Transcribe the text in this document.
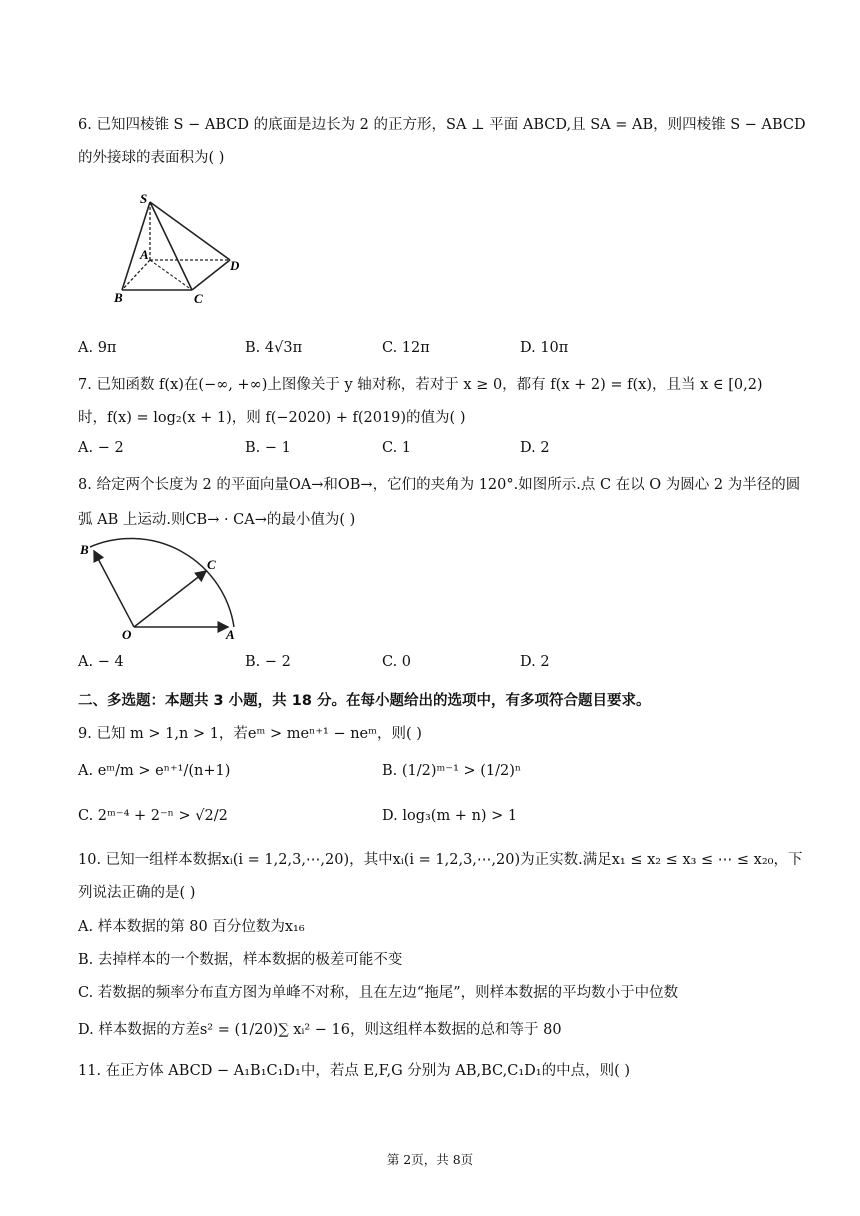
6. 已知四棱锥 S − ABCD 的底面是边长为 2 的正方形，SA ⊥ 平面 ABCD,且 SA = AB，则四棱锥 S − ABCD
的外接球的表面积为( )
S
A
B	C
D
A. 9π	B. 4√3π	C. 12π	D. 10π
7. 已知函数 f(x)在(−∞, +∞)上图像关于 y 轴对称，若对于 x ≥ 0，都有 f(x + 2) = f(x)，且当 x ∈ [0,2)
时，f(x) = log₂(x + 1)，则 f(−2020) + f(2019)的值为( )
A. − 2	B. − 1	C. 1	D. 2
8. 给定两个长度为 2 的平面向量OA→和OB→，它们的夹角为 120°.如图所示.点 C 在以 O 为圆心 2 为半径的圆
弧 AB 上运动.则CB→ · CA→的最小值为( )
B
C
O	A
A. − 4	B. − 2	C. 0	D. 2
二、多选题：本题共 3 小题，共 18 分。在每小题给出的选项中，有多项符合题目要求。
9. 已知 m > 1,n > 1，若eᵐ > meⁿ⁺¹ − neᵐ，则( )
A. eᵐ/m > eⁿ⁺¹/(n+1)	B. (1/2)ᵐ⁻¹ > (1/2)ⁿ
C. 2ᵐ⁻⁴ + 2⁻ⁿ > √2/2	D. log₃(m + n) > 1
10. 已知一组样本数据xᵢ(i = 1,2,3,⋯,20)，其中xᵢ(i = 1,2,3,⋯,20)为正实数.满足x₁ ≤ x₂ ≤ x₃ ≤ ⋯ ≤ x₂₀，下
列说法正确的是( )
A. 样本数据的第 80 百分位数为x₁₆
B. 去掉样本的一个数据，样本数据的极差可能不变
C. 若数据的频率分布直方图为单峰不对称，且在左边“拖尾”，则样本数据的平均数小于中位数
D. 样本数据的方差s² = (1/20)∑ xᵢ² − 16，则这组样本数据的总和等于 80
11. 在正方体 ABCD − A₁B₁C₁D₁中，若点 E,F,G 分别为 AB,BC,C₁D₁的中点，则( )
第 2页，共 8页
